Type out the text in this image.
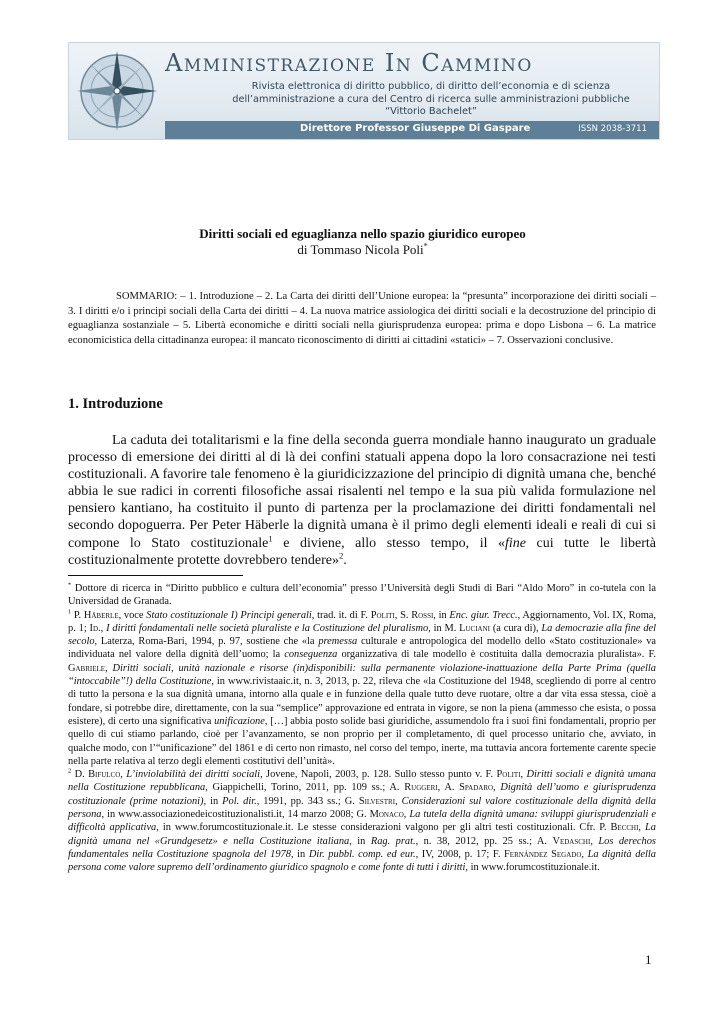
Amministrazione In Cammino
Rivista elettronica di diritto pubblico, di diritto dell’economia e di scienza
dell’amministrazione a cura del Centro di ricerca sulle amministrazioni pubbliche
“Vittorio Bachelet”
Direttore Professor Giuseppe Di Gaspare	ISSN 2038-3711
Diritti sociali ed eguaglianza nello spazio giuridico europeo
di Tommaso Nicola Poli*
SOMMARIO: – 1. Introduzione – 2. La Carta dei diritti dell’Unione europea: la “presunta” incorporazione dei diritti sociali – 3. I diritti e/o i principi sociali della Carta dei diritti – 4. La nuova matrice assiologica dei diritti sociali e la decostruzione del principio di eguaglianza sostanziale – 5. Libertà economiche e diritti sociali nella giurisprudenza europea: prima e dopo Lisbona – 6. La matrice economicistica della cittadinanza europea: il mancato riconoscimento di diritti ai cittadini «statici» – 7. Osservazioni conclusive.
1. Introduzione
La caduta dei totalitarismi e la fine della seconda guerra mondiale hanno inaugurato un graduale processo di emersione dei diritti al di là dei confini statuali appena dopo la loro consacrazione nei testi costituzionali. A favorire tale fenomeno è la giuridicizzazione del principio di dignità umana che, benché abbia le sue radici in correnti filosofiche assai risalenti nel tempo e la sua più valida formulazione nel pensiero kantiano, ha costituito il punto di partenza per la proclamazione dei diritti fondamentali nel secondo dopoguerra. Per Peter Häberle la dignità umana è il primo degli elementi ideali e reali di cui si compone lo Stato costituzionale$^1$ e diviene, allo stesso tempo, il «fine cui tutte le libertà costituzionalmente protette dovrebbero tendere»$^2$.

* Dottore di ricerca in “Diritto pubblico e cultura dell’economia” presso l’Università degli Studi di Bari “Aldo Moro” in co-tutela con la Universidad de Granada.

$^1$ P. Häberle, voce Stato costituzionale I) Principi generali, trad. it. di F. Politi, S. Rossi, in Enc. giur. Trecc., Aggiornamento, Vol. IX, Roma, p. 1; Id., I diritti fondamentali nelle società pluraliste e la Costituzione del pluralismo, in M. Luciani (a cura di), La democrazie alla fine del secolo, Laterza, Roma-Bari, 1994, p. 97, sostiene che «la premessa culturale e antropologica del modello dello «Stato costituzionale» va individuata nel valore della dignità dell’uomo; la conseguenza organizzativa di tale modello è costituita dalla democrazia pluralista». F. Gabriele, Diritti sociali, unità nazionale e risorse (in)disponibili: sulla permanente violazione-inattuazione della Parte Prima (quella “intoccabile”!) della Costituzione, in www.rivistaaic.it, n. 3, 2013, p. 22, rileva che «la Costituzione del 1948, scegliendo di porre al centro di tutto la persona e la sua dignità umana, intorno alla quale e in funzione della quale tutto deve ruotare, oltre a dar vita essa stessa, cioè a fondare, si potrebbe dire, direttamente, con la sua “semplice” approvazione ed entrata in vigore, se non la piena (ammesso che esista, o possa esistere), di certo una significativa unificazione, […] abbia posto solide basi giuridiche, assumendolo fra i suoi fini fondamentali, proprio per quello di cui stiamo parlando, cioè per l’avanzamento, se non proprio per il completamento, di quel processo unitario che, avviato, in qualche modo, con l’“unificazione” del 1861 e di certo non rimasto, nel corso del tempo, inerte, ma tuttavia ancora fortemente carente specie nella parte relativa al terzo degli elementi costitutivi dell’unità».

$^2$ D. Bifulco, L’inviolabilità dei diritti sociali, Jovene, Napoli, 2003, p. 128. Sullo stesso punto v. F. Politi, Diritti sociali e dignità umana nella Costituzione repubblicana, Giappichelli, Torino, 2011, pp. 109 ss.; A. Ruggeri, A. Spadaro, Dignità dell’uomo e giurisprudenza costituzionale (prime notazioni), in Pol. dir., 1991, pp. 343 ss.; G. Silvestri, Considerazioni sul valore costituzionale della dignità della persona, in www.associazionedeicostituzionalisti.it, 14 marzo 2008; G. Monaco, La tutela della dignità umana: sviluppi giurisprudenziali e difficoltà applicativa, in www.forumcostituzionale.it. Le stesse considerazioni valgono per gli altri testi costituzionali. Cfr. P. Becchi, La dignità umana nel «Grundgesetz» e nella Costituzione italiana, in Rag. prat., n. 38, 2012, pp. 25 ss.; A. Vedaschi, Los derechos fundamentales nella Costituzione spagnola del 1978, in Dir. pubbl. comp. ed eur., IV, 2008, p. 17; F. Fernández Segado, La dignità della persona come valore supremo dell’ordinamento giuridico spagnolo e come fonte di tutti i diritti, in www.forumcostituzionale.it.

1
